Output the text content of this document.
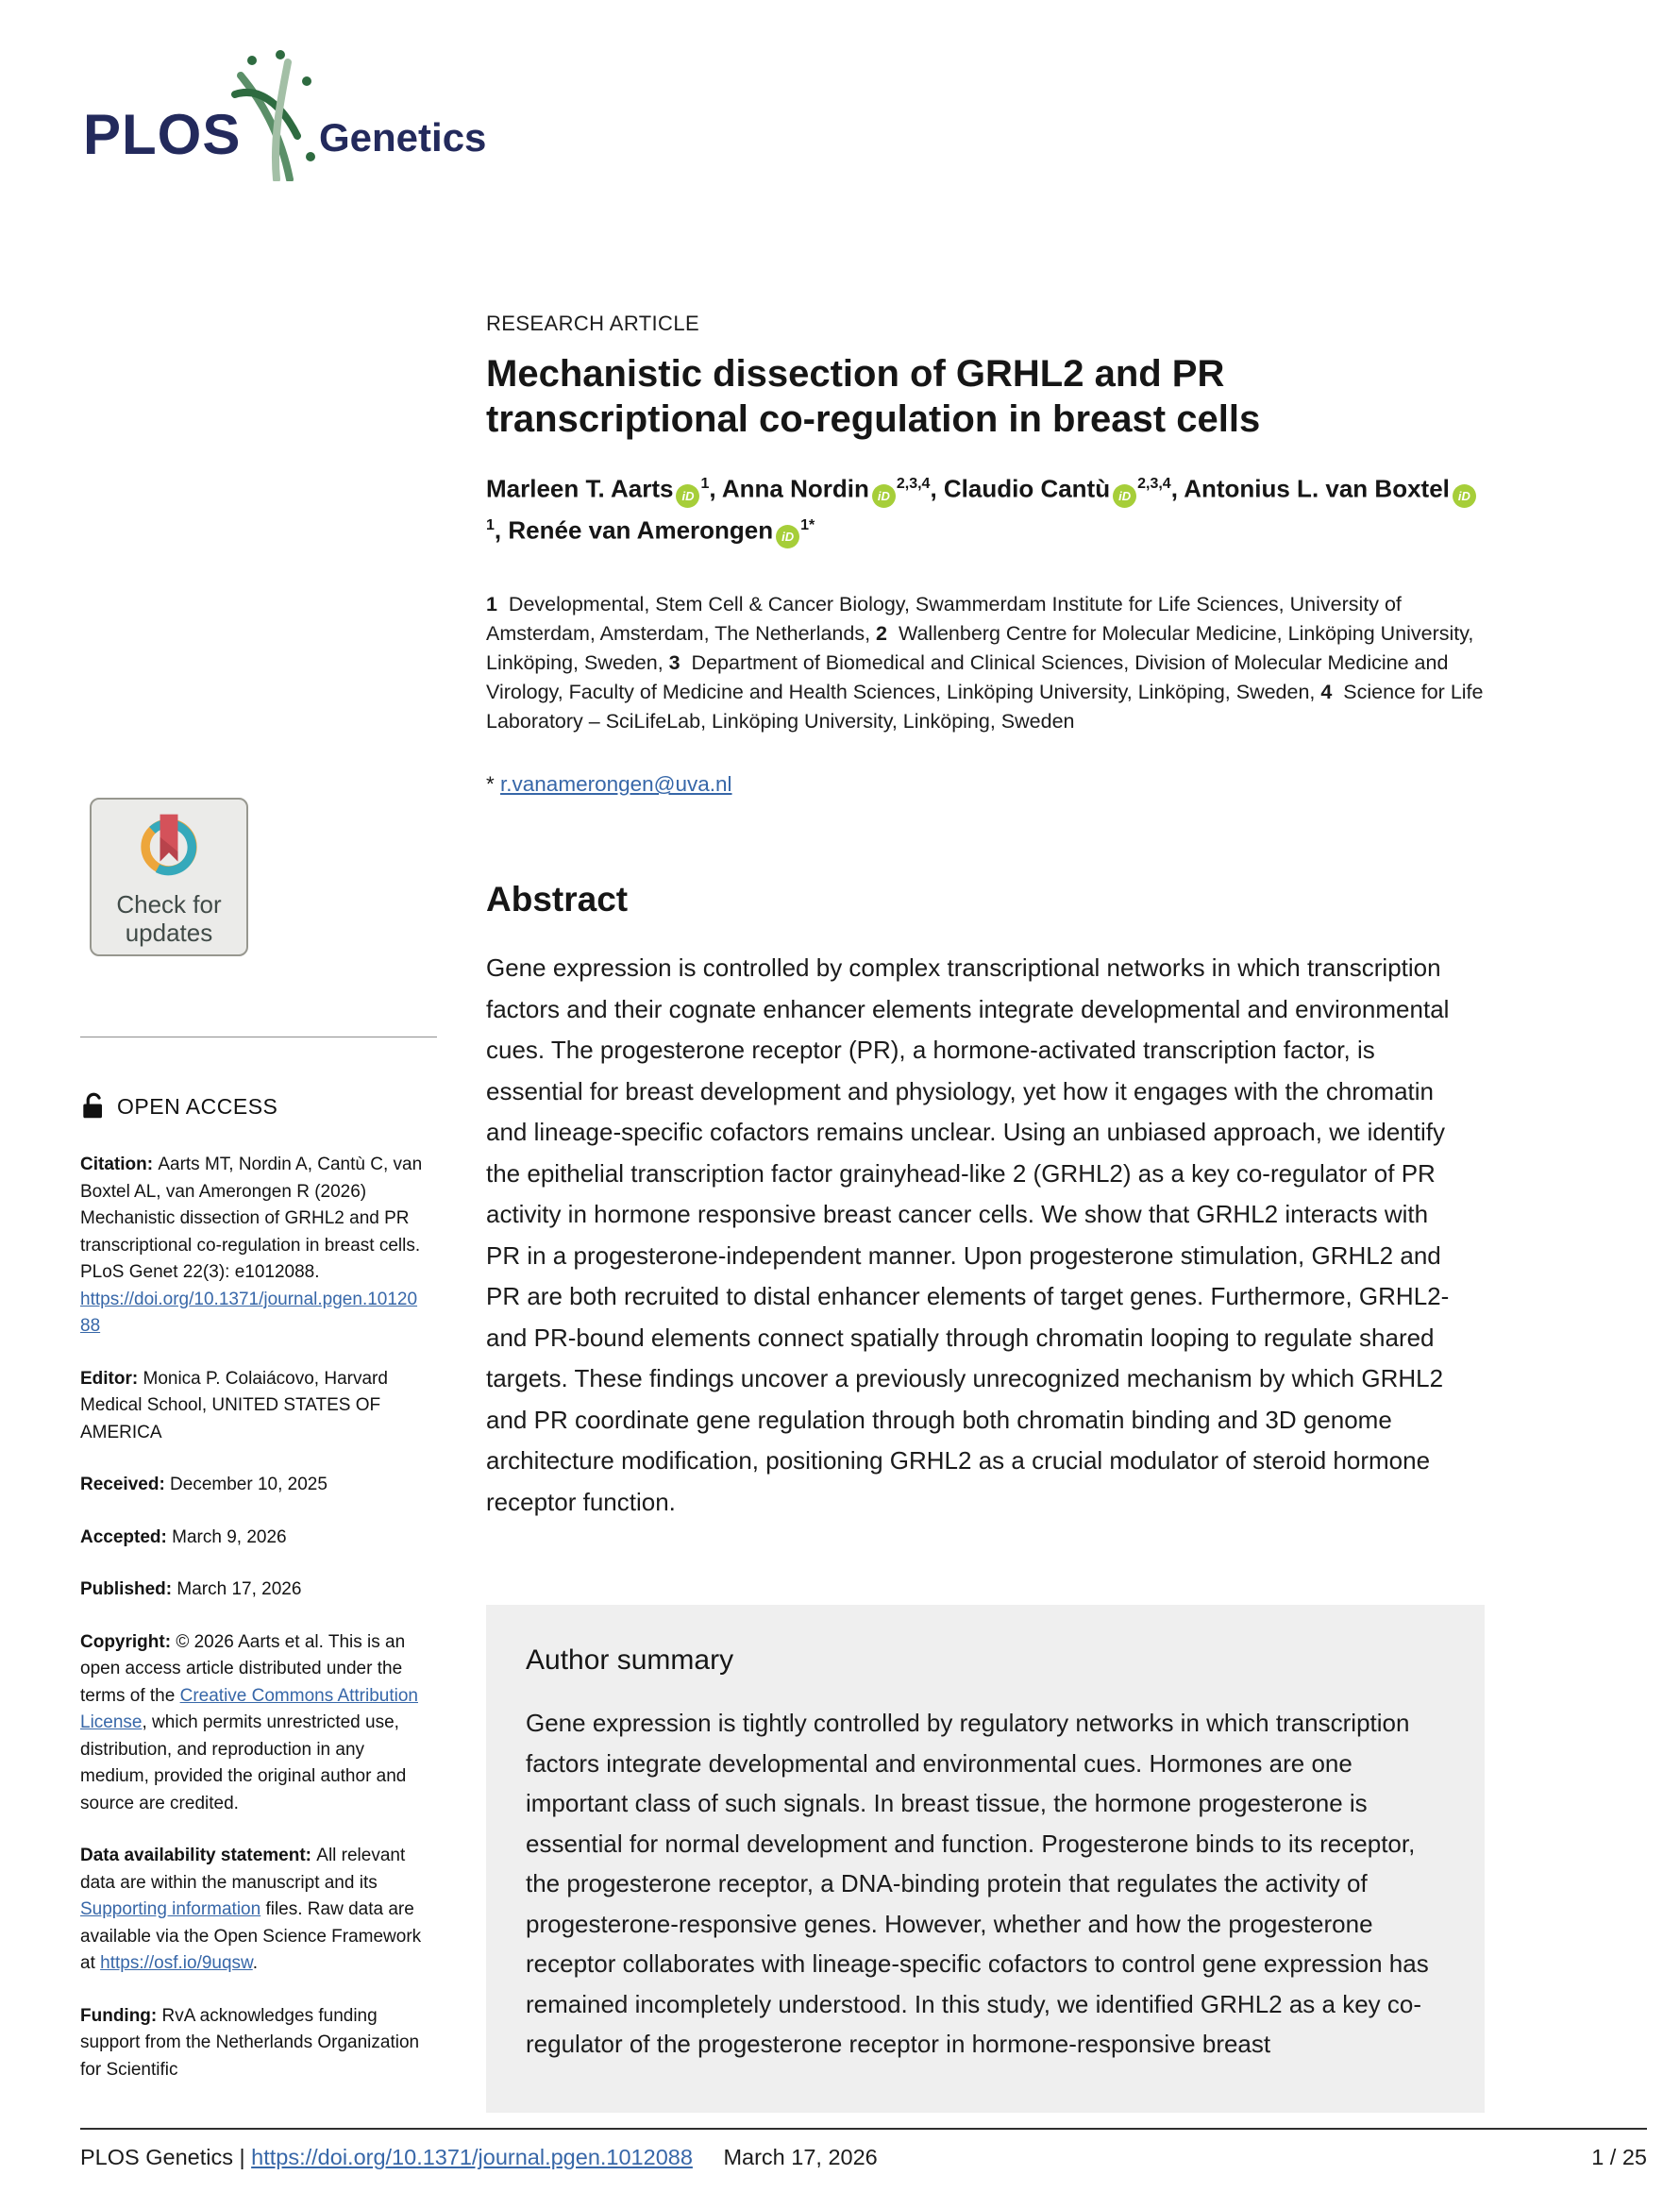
PLOS Genetics
Check for
updates
OPEN ACCESS

Citation: Aarts MT, Nordin A, Cantù C, van Boxtel AL, van Amerongen R (2026) Mechanistic dissection of GRHL2 and PR transcriptional co-regulation in breast cells. PLoS Genet 22(3): e1012088. https://doi.org/10.1371/journal.pgen.1012088

Editor: Monica P. Colaiácovo, Harvard Medical School, UNITED STATES OF AMERICA

Received: December 10, 2025

Accepted: March 9, 2026

Published: March 17, 2026

Copyright: © 2026 Aarts et al. This is an open access article distributed under the terms of the Creative Commons Attribution License, which permits unrestricted use, distribution, and reproduction in any medium, provided the original author and source are credited.

Data availability statement: All relevant data are within the manuscript and its Supporting information files. Raw data are available via the Open Science Framework at https://osf.io/9uqsw.

Funding: RvA acknowledges funding support from the Netherlands Organization for Scientific

RESEARCH ARTICLE

Mechanistic dissection of GRHL2 and PR transcriptional co-regulation in breast cells

Marleen T. Aarts $iD^1$, Anna Nordin iD$^{2,3,4}$, Claudio Cantù iD$^{2,3,4}$, Antonius L. van Boxtel $iD^1$, Renée van Amerongen $iD^{1*}$

1  Developmental, Stem Cell & Cancer Biology, Swammerdam Institute for Life Sciences, University of Amsterdam, Amsterdam, The Netherlands, 2  Wallenberg Centre for Molecular Medicine, Linköping University, Linköping, Sweden, 3  Department of Biomedical and Clinical Sciences, Division of Molecular Medicine and Virology, Faculty of Medicine and Health Sciences, Linköping University, Linköping, Sweden, 4  Science for Life Laboratory – SciLifeLab, Linköping University, Linköping, Sweden

* r.vanamerongen@uva.nl

Abstract

Gene expression is controlled by complex transcriptional networks in which transcription factors and their cognate enhancer elements integrate developmental and environmental cues. The progesterone receptor (PR), a hormone-activated transcription factor, is essential for breast development and physiology, yet how it engages with the chromatin and lineage-specific cofactors remains unclear. Using an unbiased approach, we identify the epithelial transcription factor grainyhead-like 2 (GRHL2) as a key co-regulator of PR activity in hormone responsive breast cancer cells. We show that GRHL2 interacts with PR in a progesterone-independent manner. Upon progesterone stimulation, GRHL2 and PR are both recruited to distal enhancer elements of target genes. Furthermore, GRHL2- and PR-bound elements connect spatially through chromatin looping to regulate shared targets. These findings uncover a previously unrecognized mechanism by which GRHL2 and PR coordinate gene regulation through both chromatin binding and 3D genome architecture modification, positioning GRHL2 as a crucial modulator of steroid hormone receptor function.

Author summary

Gene expression is tightly controlled by regulatory networks in which transcription factors integrate developmental and environmental cues. Hormones are one important class of such signals. In breast tissue, the hormone progesterone is essential for normal development and function. Progesterone binds to its receptor, the progesterone receptor, a DNA-binding protein that regulates the activity of progesterone-responsive genes. However, whether and how the progesterone receptor collaborates with lineage-specific cofactors to control gene expression has remained incompletely understood. In this study, we identified GRHL2 as a key co-regulator of the progesterone receptor in hormone-responsive breast

PLOS Genetics | https://doi.org/10.1371/journal.pgen.1012088 March 17, 2026	1 / 25
